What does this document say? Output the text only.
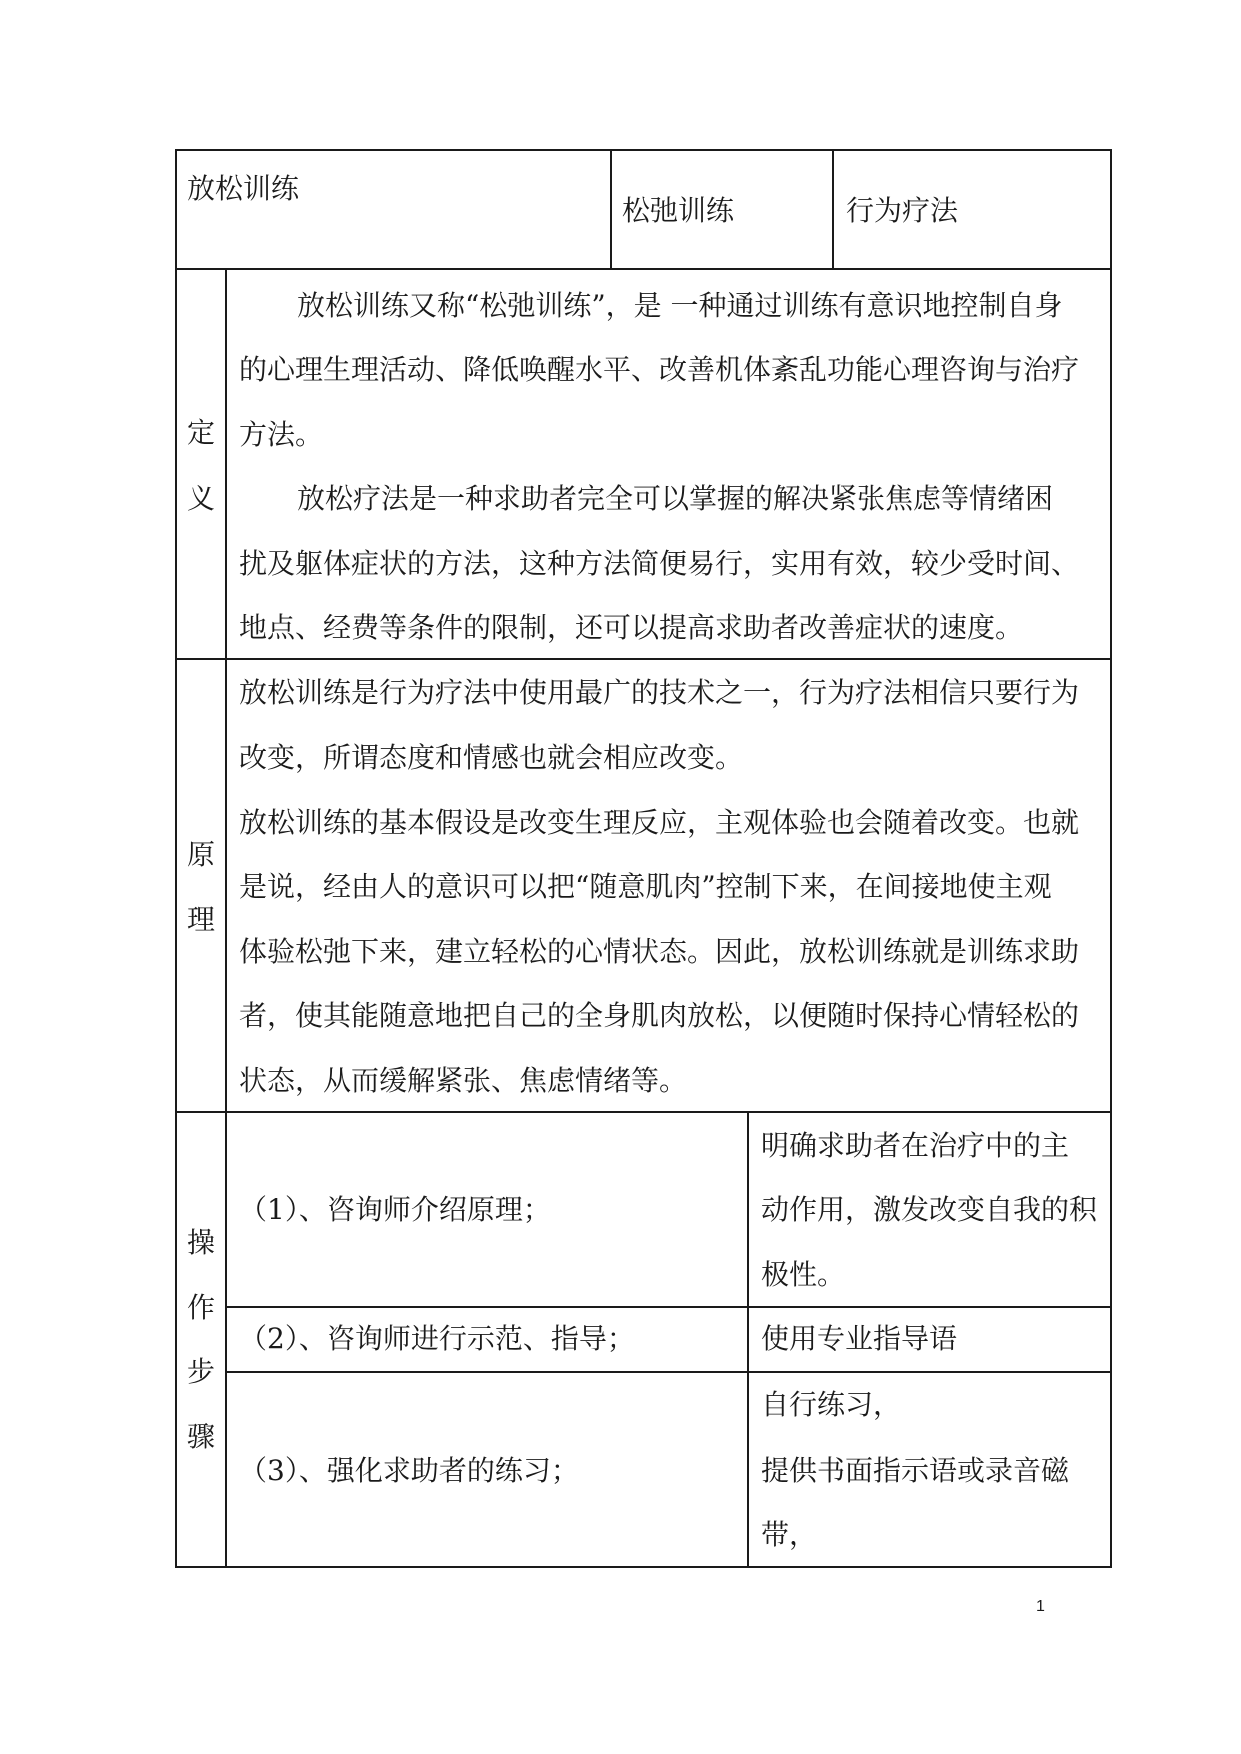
放松训练
松弛训练	行为疗法
定
义
放松训练又称“松弛训练”，是 一种通过训练有意识地控制自身
的心理生理活动、降低唤醒水平、改善机体紊乱功能心理咨询与治疗
方法。
放松疗法是一种求助者完全可以掌握的解决紧张焦虑等情绪困
扰及躯体症状的方法，这种方法简便易行，实用有效，较少受时间、
地点、经费等条件的限制，还可以提高求助者改善症状的速度。
原
理
放松训练是行为疗法中使用最广的技术之一，行为疗法相信只要行为
改变，所谓态度和情感也就会相应改变。
放松训练的基本假设是改变生理反应，主观体验也会随着改变。也就
是说，经由人的意识可以把“随意肌肉”控制下来，在间接地使主观
体验松弛下来，建立轻松的心情状态。因此，放松训练就是训练求助
者，使其能随意地把自己的全身肌肉放松，以便随时保持心情轻松的
状态，从而缓解紧张、焦虑情绪等。
操
作
步
骤
（1）、咨询师介绍原理；
明确求助者在治疗中的主
动作用，激发改变自我的积
极性。
（2）、咨询师进行示范、指导；	使用专业指导语
（3）、强化求助者的练习；
自行练习，
提供书面指示语或录音磁
带，
1
